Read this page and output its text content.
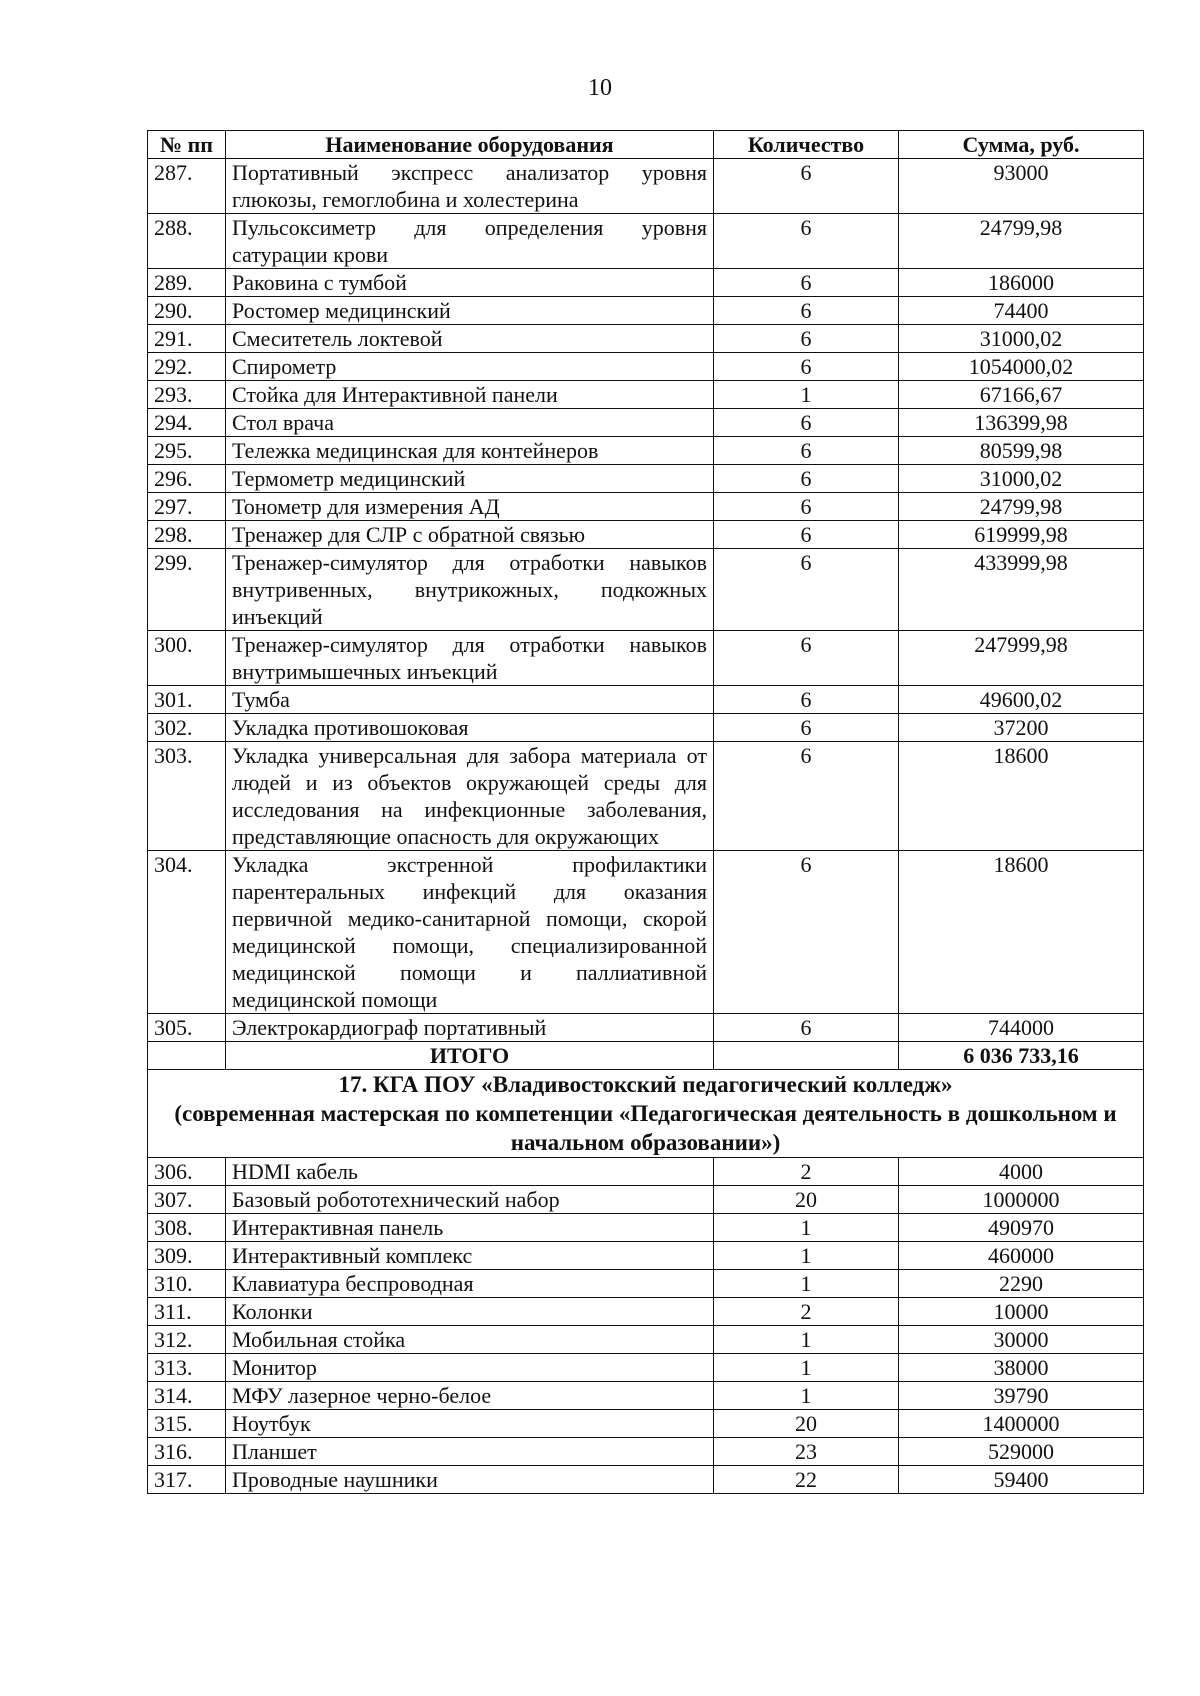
10
№ пп	Наименование оборудования	Количество	Сумма, руб.
287.	Портативный экспресс анализатор уровня глюкозы, гемоглобина и холестерина	6	93000
288.	Пульсоксиметр для определения уровня сатурации крови	6	24799,98
289.	Раковина с тумбой	6	186000
290.	Ростомер медицинский	6	74400
291.	Смеситетель локтевой	6	31000,02
292.	Спирометр	6	1054000,02
293.	Стойка для Интерактивной панели	1	67166,67
294.	Стол врача	6	136399,98
295.	Тележка медицинская для контейнеров	6	80599,98
296.	Термометр медицинский	6	31000,02
297.	Тонометр для измерения АД	6	24799,98
298.	Тренажер для СЛР с обратной связью	6	619999,98
299.	Тренажер-симулятор для отработки навыков внутривенных, внутрикожных, подкожных инъекций	6	433999,98
300.	Тренажер-симулятор для отработки навыков внутримышечных инъекций	6	247999,98
301.	Тумба	6	49600,02
302.	Укладка противошоковая	6	37200
303.	Укладка универсальная для забора материала от людей и из объектов окружающей среды для исследования на инфекционные заболевания, представляющие опасность для окружающих	6	18600
304.	Укладка экстренной профилактики парентеральных инфекций для оказания первичной медико-санитарной помощи, скорой медицинской помощи, специализированной медицинской помощи и паллиативной медицинской помощи	6	18600
305.	Электрокардиограф портативный	6	744000
	ИТОГО		6 036 733,16

17. КГА ПОУ «Владивостокский педагогический колледж»
(современная мастерская по компетенции «Педагогическая деятельность в дошкольном и начальном образовании»)			

306.	HDMI кабель	2	4000
307.	Базовый робототехнический набор	20	1000000
308.	Интерактивная панель	1	490970
309.	Интерактивный комплекс	1	460000
310.	Клавиатура беспроводная	1	2290
311.	Колонки	2	10000
312.	Мобильная стойка	1	30000
313.	Монитор	1	38000
314.	МФУ лазерное черно-белое	1	39790
315.	Ноутбук	20	1400000
316.	Планшет	23	529000
317.	Проводные наушники	22	59400
